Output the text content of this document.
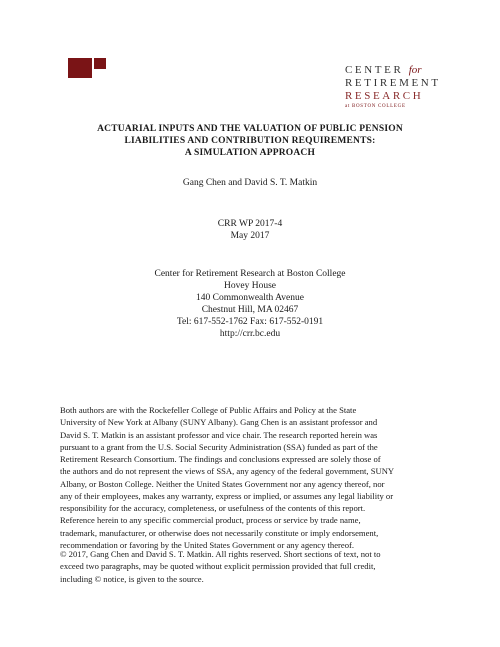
CENTER for
RETIREMENT
RESEARCH
at BOSTON COLLEGE
ACTUARIAL INPUTS AND THE VALUATION OF PUBLIC PENSION
LIABILITIES AND CONTRIBUTION REQUIREMENTS:
A SIMULATION APPROACH
Gang Chen and David S. T. Matkin
CRR WP 2017-4
May 2017
Center for Retirement Research at Boston College
Hovey House
140 Commonwealth Avenue
Chestnut Hill, MA 02467
Tel: 617-552-1762 Fax: 617-552-0191
http://crr.bc.edu
Both authors are with the Rockefeller College of Public Affairs and Policy at the State
University of New York at Albany (SUNY Albany). Gang Chen is an assistant professor and
David S. T. Matkin is an assistant professor and vice chair. The research reported herein was
pursuant to a grant from the U.S. Social Security Administration (SSA) funded as part of the
Retirement Research Consortium. The findings and conclusions expressed are solely those of
the authors and do not represent the views of SSA, any agency of the federal government, SUNY
Albany, or Boston College. Neither the United States Government nor any agency thereof, nor
any of their employees, makes any warranty, express or implied, or assumes any legal liability or
responsibility for the accuracy, completeness, or usefulness of the contents of this report.
Reference herein to any specific commercial product, process or service by trade name,
trademark, manufacturer, or otherwise does not necessarily constitute or imply endorsement,
recommendation or favoring by the United States Government or any agency thereof.
© 2017, Gang Chen and David S. T. Matkin. All rights reserved. Short sections of text, not to
exceed two paragraphs, may be quoted without explicit permission provided that full credit,
including © notice, is given to the source.
